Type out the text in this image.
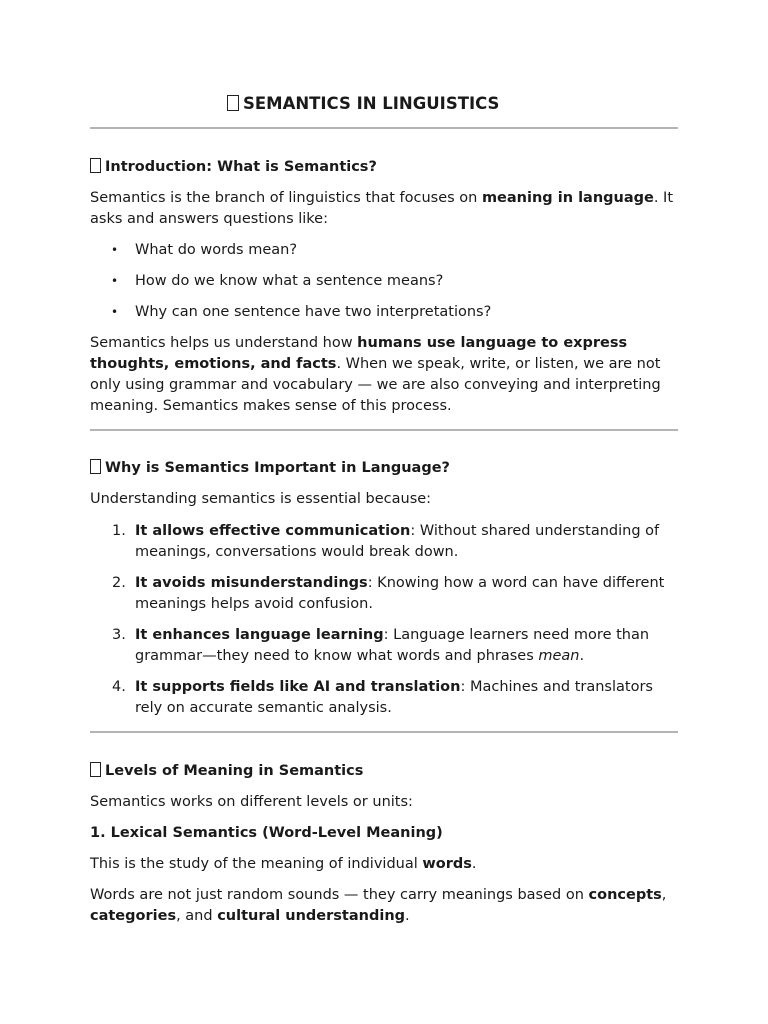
SEMANTICS IN LINGUISTICS
Introduction: What is Semantics?

Semantics is the branch of linguistics that focuses on meaning in language. It asks and answers questions like:

• What do words mean?
• How do we know what a sentence means?
• Why can one sentence have two interpretations?

Semantics helps us understand how humans use language to express thoughts, emotions, and facts. When we speak, write, or listen, we are not only using grammar and vocabulary — we are also conveying and interpreting meaning. Semantics makes sense of this process.

Why is Semantics Important in Language?

Understanding semantics is essential because:

1. It allows effective communication: Without shared understanding of meanings, conversations would break down.
2. It avoids misunderstandings: Knowing how a word can have different meanings helps avoid confusion.
3. It enhances language learning: Language learners need more than grammar—they need to know what words and phrases mean.
4. It supports fields like AI and translation: Machines and translators rely on accurate semantic analysis.
Levels of Meaning in Semantics

Semantics works on different levels or units:

1. Lexical Semantics (Word-Level Meaning)

This is the study of the meaning of individual words.

Words are not just random sounds — they carry meanings based on concepts, categories, and cultural understanding.
